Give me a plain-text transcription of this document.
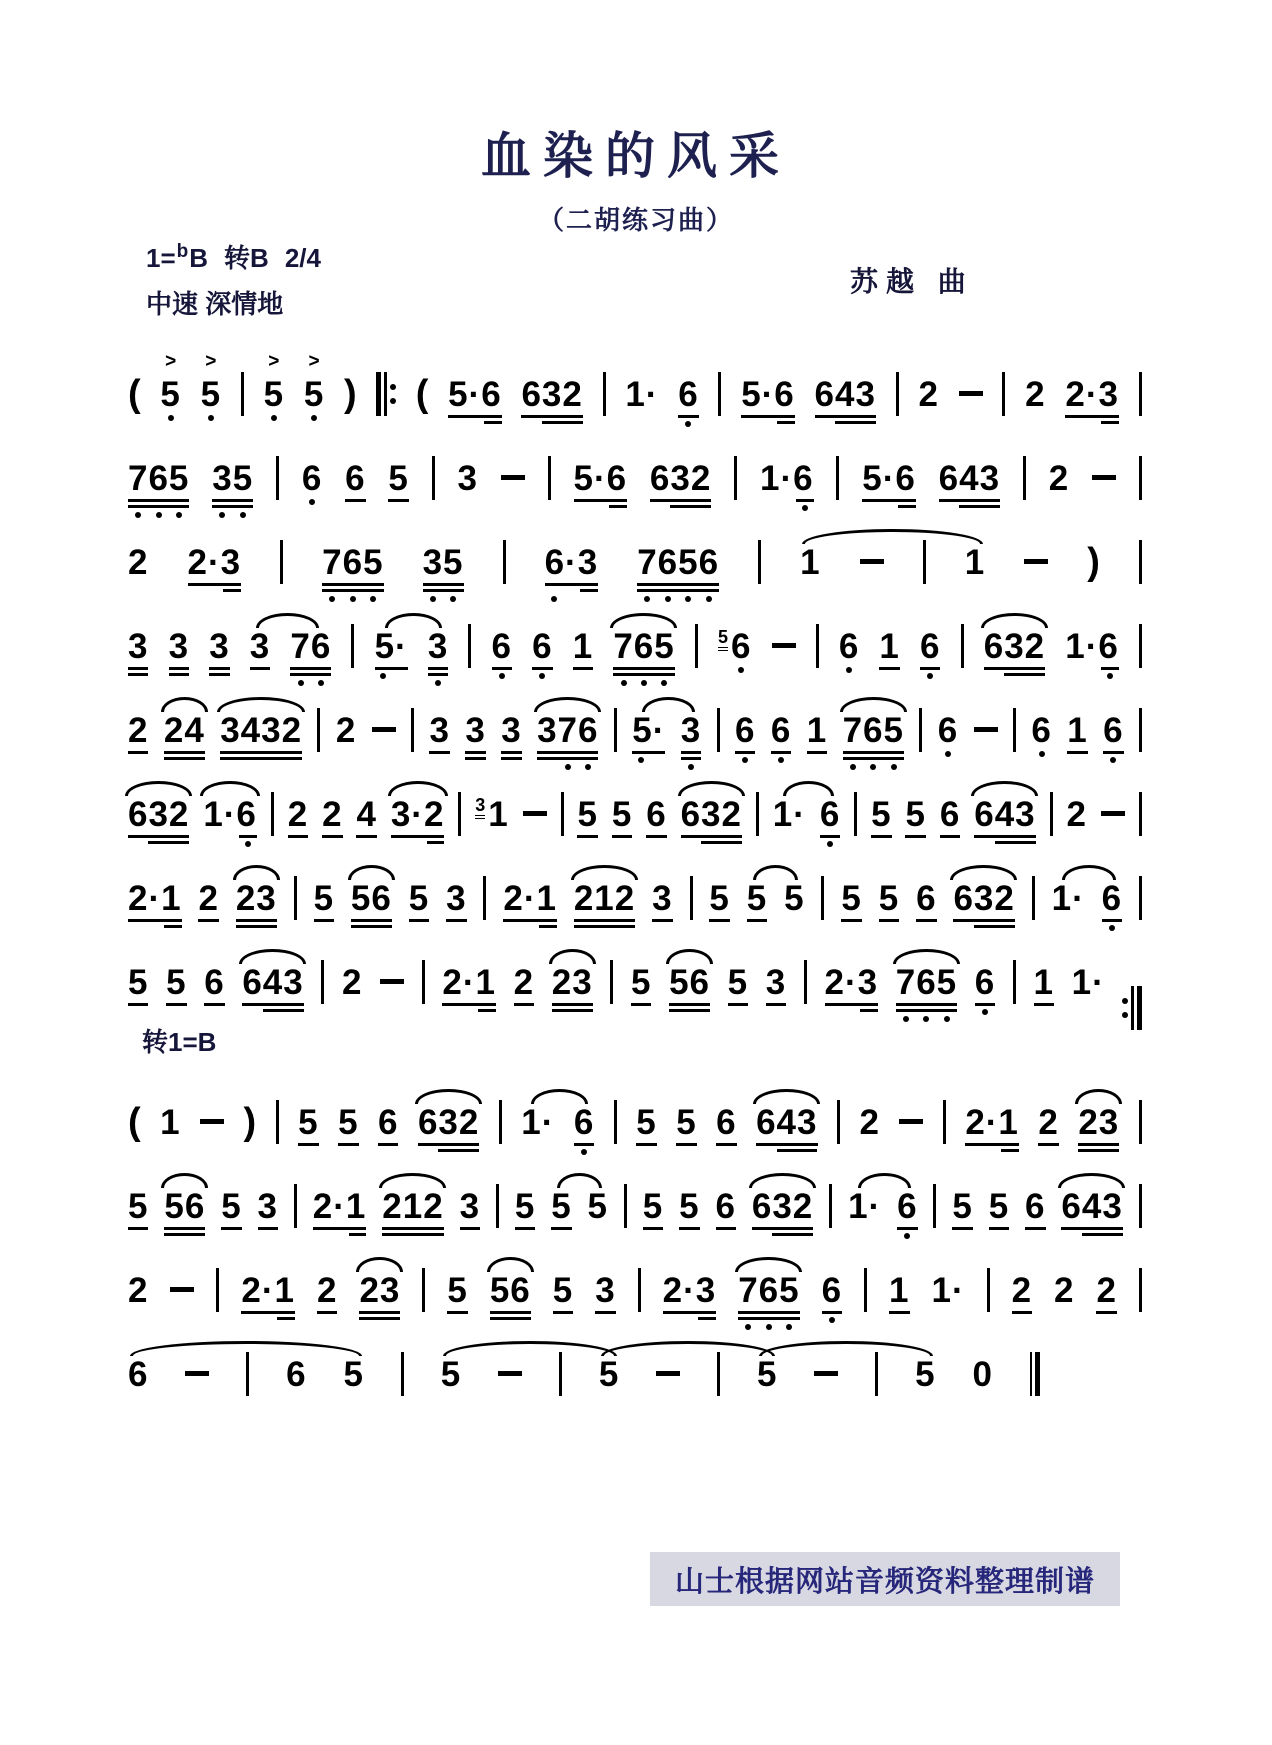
血染的风采
（二胡练习曲）
1=$^b$B 转B 2/4
苏越 曲
中速 深情地
(
>
5
>
5
>
5
>
5 ) ( 5·6 632 1· 6 5·6 643 2 2 2·3
765 35 6 6 5 3	5·6 632 1·6 5·6 643 2
2 2·3 765 35 6·3 7656 1	1	)
3 3 3 3 76 5· 3 6 6 1 765 5 6 6 1 6 632 1·6
2 24 3432 2 3 3 3 376 5· 3 6 6 1 765 6 6 1 6
632 1·6 2 2 4 3·2 3 1 5 5 6 632 1· 6 5 5 6 643 2
2·1 2 23 5 56 5 3 2·1 212 3 5 5 5 5 5 6 632 1· 6
5 5 6 643 2 2·1 2 23 5 56 5 3 2·3 765 6 1 1·
转1=B
( 1 ) 5 5 6 632 1· 6 5 5 6 643 2 2·1 2 23
5 56 5 3 2·1 212 3 5 5 5 5 5 6 632 1· 6 5 5 6 643
2	2·1 2 23 5 56 5 3 2·3 765 6 1 1· 2 2 2
6	6 5 5	5	5	5 0
山士根据网站音频资料整理制谱
